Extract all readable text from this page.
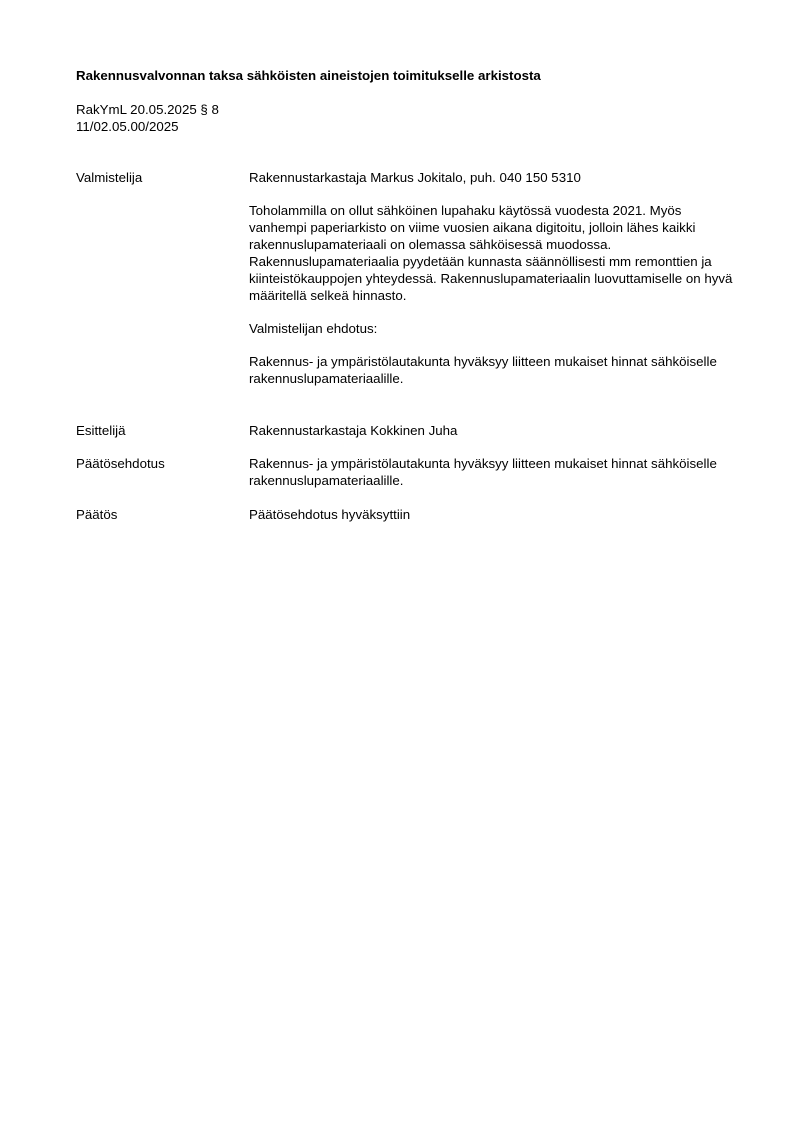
Rakennusvalvonnan taksa sähköisten aineistojen toimitukselle arkistosta
RakYmL 20.05.2025 § 8
11/02.05.00/2025
Valmistelija	Rakennustarkastaja Markus Jokitalo, puh. 040 150 5310

Toholammilla on ollut sähköinen lupahaku käytössä vuodesta 2021. Myös vanhempi paperiarkisto on viime vuosien aikana digitoitu, jolloin lähes kaikki rakennuslupamateriaali on olemassa sähköisessä muodossa. Rakennuslupamateriaalia pyydetään kunnasta säännöllisesti mm remonttien ja kiinteistökauppojen yhteydessä. Rakennuslupamateriaalin luovuttamiselle on hyvä määritellä selkeä hinnasto.

Valmistelijan ehdotus:

Rakennus- ja ympäristölautakunta hyväksyy liitteen mukaiset hinnat sähköiselle rakennuslupamateriaalille.

Esittelijä	Rakennustarkastaja Kokkinen Juha
Päätösehdotus	Rakennus- ja ympäristölautakunta hyväksyy liitteen mukaiset hinnat sähköiselle rakennuslupamateriaalille.
Päätös	Päätösehdotus hyväksyttiin
